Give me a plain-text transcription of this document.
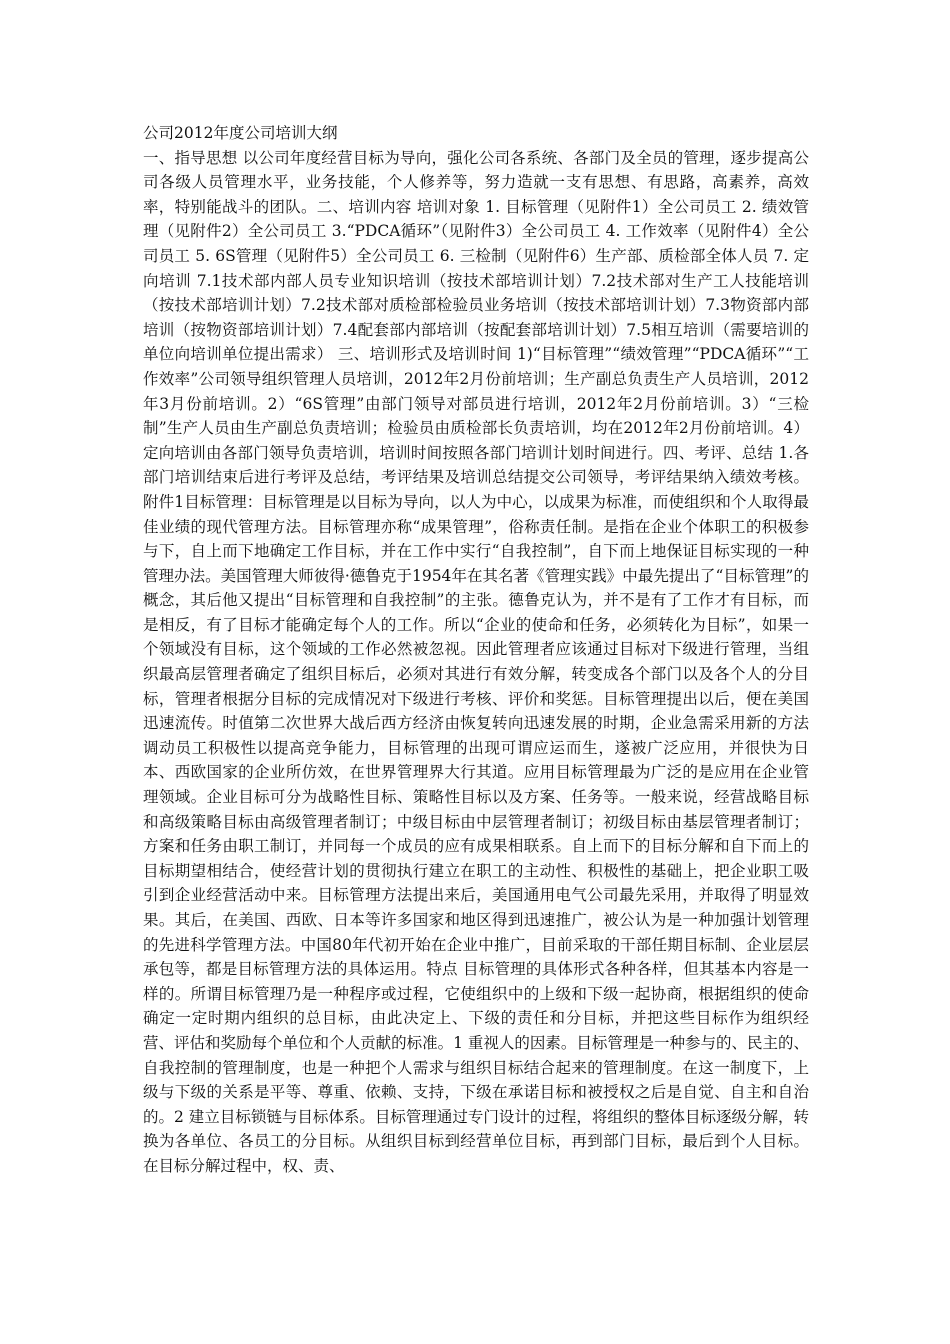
公司2012年度公司培训大纲

一、指导思想 以公司年度经营目标为导向，强化公司各系统、各部门及全员的管理，逐步提高公司各级人员管理水平，业务技能，个人修养等，努力造就一支有思想、有思路，高素养，高效率，特别能战斗的团队。二、培训内容 培训对象 1. 目标管理（见附件1）全公司员工 2. 绩效管理（见附件2）全公司员工 3.“PDCA循环”（见附件3）全公司员工 4. 工作效率（见附件4）全公司员工 5. 6S管理（见附件5）全公司员工 6. 三检制（见附件6）生产部、质检部全体人员 7. 定向培训 7.1技术部内部人员专业知识培训（按技术部培训计划）7.2技术部对生产工人技能培训（按技术部培训计划）7.2技术部对质检部检验员业务培训（按技术部培训计划）7.3物资部内部培训（按物资部培训计划）7.4配套部内部培训（按配套部培训计划）7.5相互培训（需要培训的单位向培训单位提出需求） 三、培训形式及培训时间 1)“目标管理”“绩效管理”“PDCA循环”“工作效率”公司领导组织管理人员培训，2012年2月份前培训；生产副总负责生产人员培训，2012年3月份前培训。2）“6S管理”由部门领导对部员进行培训，2012年2月份前培训。3）“三检制”生产人员由生产副总负责培训；检验员由质检部长负责培训，均在2012年2月份前培训。4）定向培训由各部门领导负责培训，培训时间按照各部门培训计划时间进行。四、考评、总结 1.各部门培训结束后进行考评及总结，考评结果及培训总结提交公司领导，考评结果纳入绩效考核。附件1目标管理：目标管理是以目标为导向，以人为中心，以成果为标准，而使组织和个人取得最佳业绩的现代管理方法。目标管理亦称“成果管理”，俗称责任制。是指在企业个体职工的积极参与下，自上而下地确定工作目标，并在工作中实行“自我控制”，自下而上地保证目标实现的一种管理办法。美国管理大师彼得·德鲁克于1954年在其名著《管理实践》中最先提出了“目标管理”的概念，其后他又提出“目标管理和自我控制”的主张。德鲁克认为，并不是有了工作才有目标，而是相反，有了目标才能确定每个人的工作。所以“企业的使命和任务，必须转化为目标”，如果一个领域没有目标，这个领域的工作必然被忽视。因此管理者应该通过目标对下级进行管理，当组织最高层管理者确定了组织目标后，必须对其进行有效分解，转变成各个部门以及各个人的分目标，管理者根据分目标的完成情况对下级进行考核、评价和奖惩。目标管理提出以后，便在美国迅速流传。时值第二次世界大战后西方经济由恢复转向迅速发展的时期，企业急需采用新的方法调动员工积极性以提高竞争能力，目标管理的出现可谓应运而生，遂被广泛应用，并很快为日本、西欧国家的企业所仿效，在世界管理界大行其道。应用目标管理最为广泛的是应用在企业管理领域。企业目标可分为战略性目标、策略性目标以及方案、任务等。一般来说，经营战略目标和高级策略目标由高级管理者制订；中级目标由中层管理者制订；初级目标由基层管理者制订；方案和任务由职工制订，并同每一个成员的应有成果相联系。自上而下的目标分解和自下而上的目标期望相结合，使经营计划的贯彻执行建立在职工的主动性、积极性的基础上，把企业职工吸引到企业经营活动中来。目标管理方法提出来后，美国通用电气公司最先采用，并取得了明显效果。其后，在美国、西欧、日本等许多国家和地区得到迅速推广，被公认为是一种加强计划管理的先进科学管理方法。中国80年代初开始在企业中推广，目前采取的干部任期目标制、企业层层承包等，都是目标管理方法的具体运用。特点 目标管理的具体形式各种各样，但其基本内容是一样的。所谓目标管理乃是一种程序或过程，它使组织中的上级和下级一起协商，根据组织的使命确定一定时期内组织的总目标，由此决定上、下级的责任和分目标，并把这些目标作为组织经营、评估和奖励每个单位和个人贡献的标准。1 重视人的因素。目标管理是一种参与的、民主的、自我控制的管理制度，也是一种把个人需求与组织目标结合起来的管理制度。在这一制度下，上级与下级的关系是平等、尊重、依赖、支持，下级在承诺目标和被授权之后是自觉、自主和自治的。2 建立目标锁链与目标体系。目标管理通过专门设计的过程，将组织的整体目标逐级分解，转换为各单位、各员工的分目标。从组织目标到经营单位目标，再到部门目标，最后到个人目标。在目标分解过程中，权、责、
